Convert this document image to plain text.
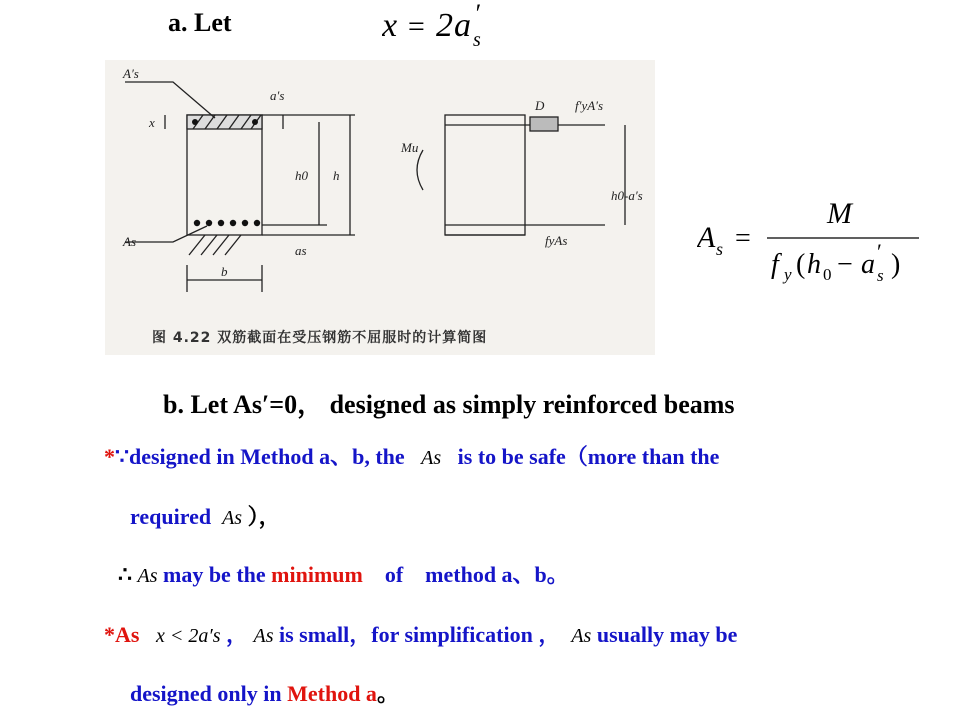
a. Let	x = 2 a ′
s
A′s
As
x
a′s
h0 h
as
b
D
Mu
f′yA′s
fyAs
h0-a′s
图 4.22 双筋截面在受压钢筋不屈服时的计算简图
A s =
M
f y ( h 0 − a ′
s )
b. Let As′=0， designed as simply reinforced beams
*∵designed in Method a、b, the As is to be safe（more than the
required As ），
∴ As may be the minimum of method a、b。
*As x < 2a′s ， As is small，for simplification ， As usually may be
designed only in Method a。
